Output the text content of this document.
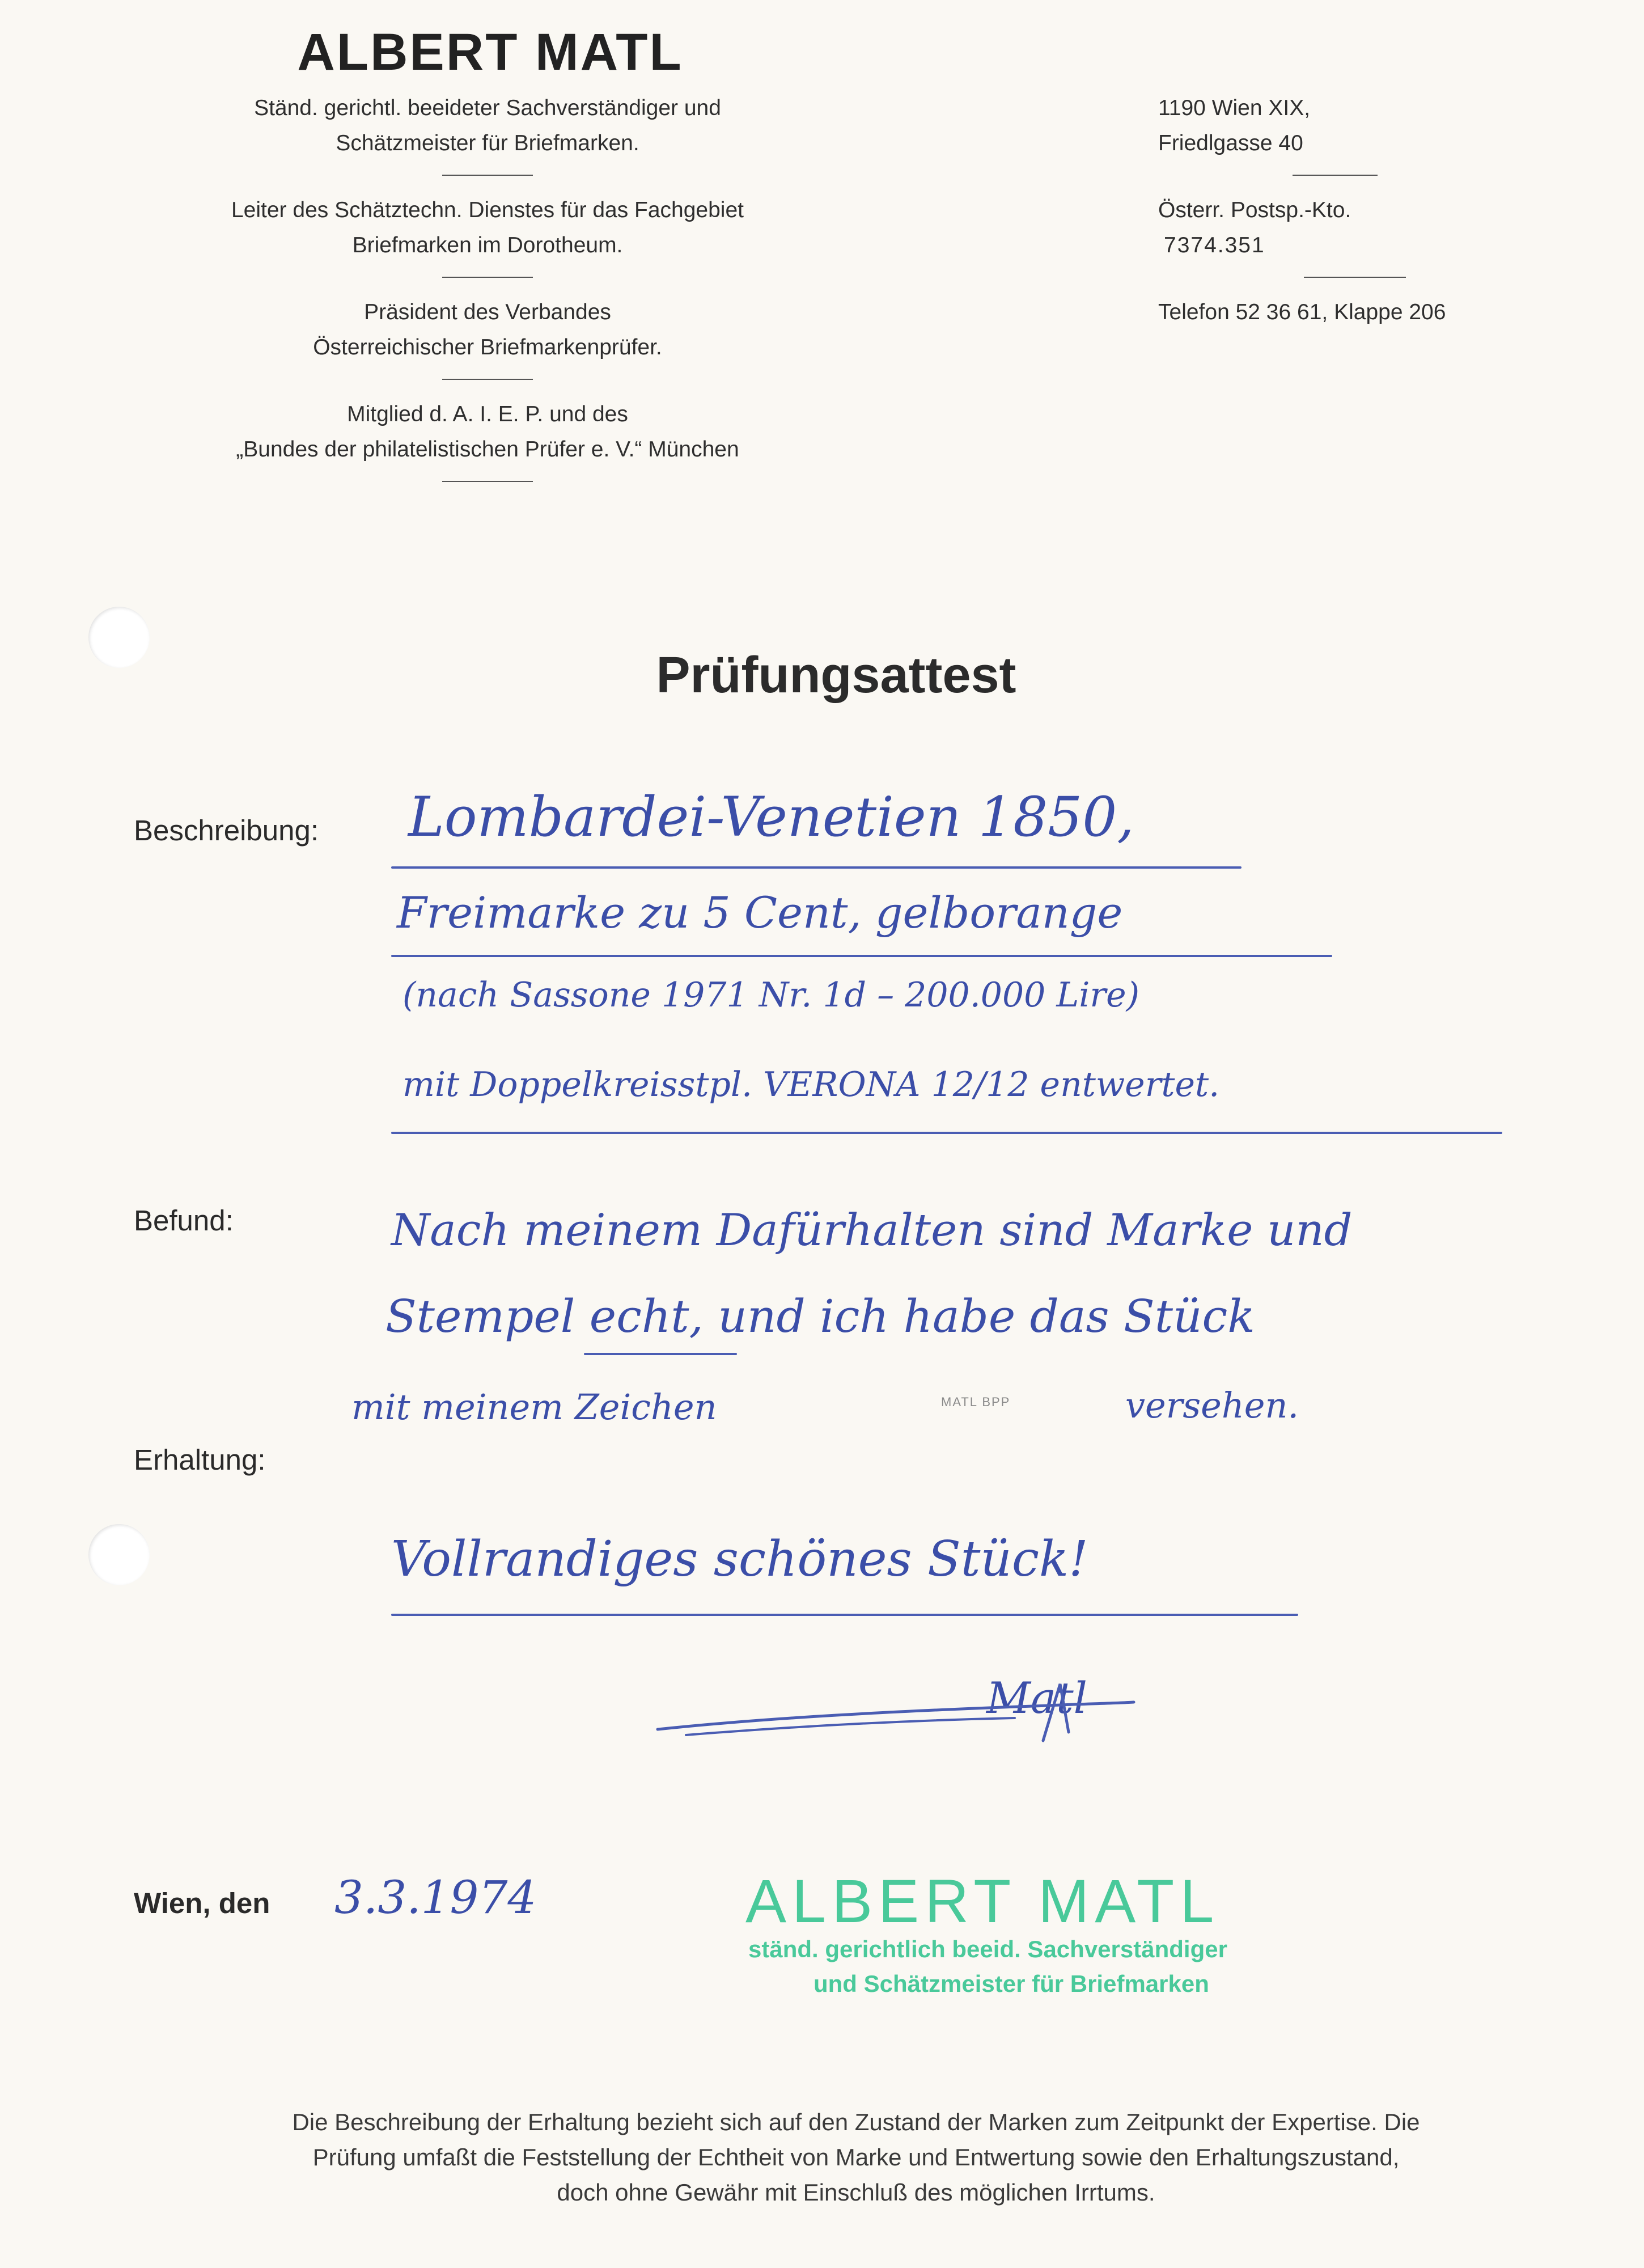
ALBERT MATL
Ständ. gerichtl. beeideter Sachverständiger und
Schätzmeister für Briefmarken.
Leiter des Schätztechn. Dienstes für das Fachgebiet
Briefmarken im Dorotheum.
Präsident des Verbandes
Österreichischer Briefmarkenprüfer.
Mitglied d. A. I. E. P. und des
„Bundes der philatelistischen Prüfer e. V.“ München
1190 Wien XIX,
Friedlgasse 40
Österr. Postsp.-Kto.
7374.351
Telefon 52 36 61, Klappe 206
Prüfungsattest
Beschreibung: Lombardei-Venetien 1850,
Freimarke zu 5 Cent, gelborange
(nach Sassone 1971 Nr. 1d – 200.000 Lire)
mit Doppelkreisstpl. VERONA 12/12 entwertet.
Befund:	Nach meinem Dafürhalten sind Marke und
Stempel echt, und ich habe das Stück
mit meinem Zeichen	MATL BPP	versehen.
Erhaltung:
Vollrandiges schönes Stück!
Matl
Wien, den 3.3.1974	ALBERT MATL
ständ. gerichtlich beeid. Sachverständiger
und Schätzmeister für Briefmarken
Die Beschreibung der Erhaltung bezieht sich auf den Zustand der Marken zum Zeitpunkt der Expertise. Die
Prüfung umfaßt die Feststellung der Echtheit von Marke und Entwertung sowie den Erhaltungszustand,
doch ohne Gewähr mit Einschluß des möglichen Irrtums.
